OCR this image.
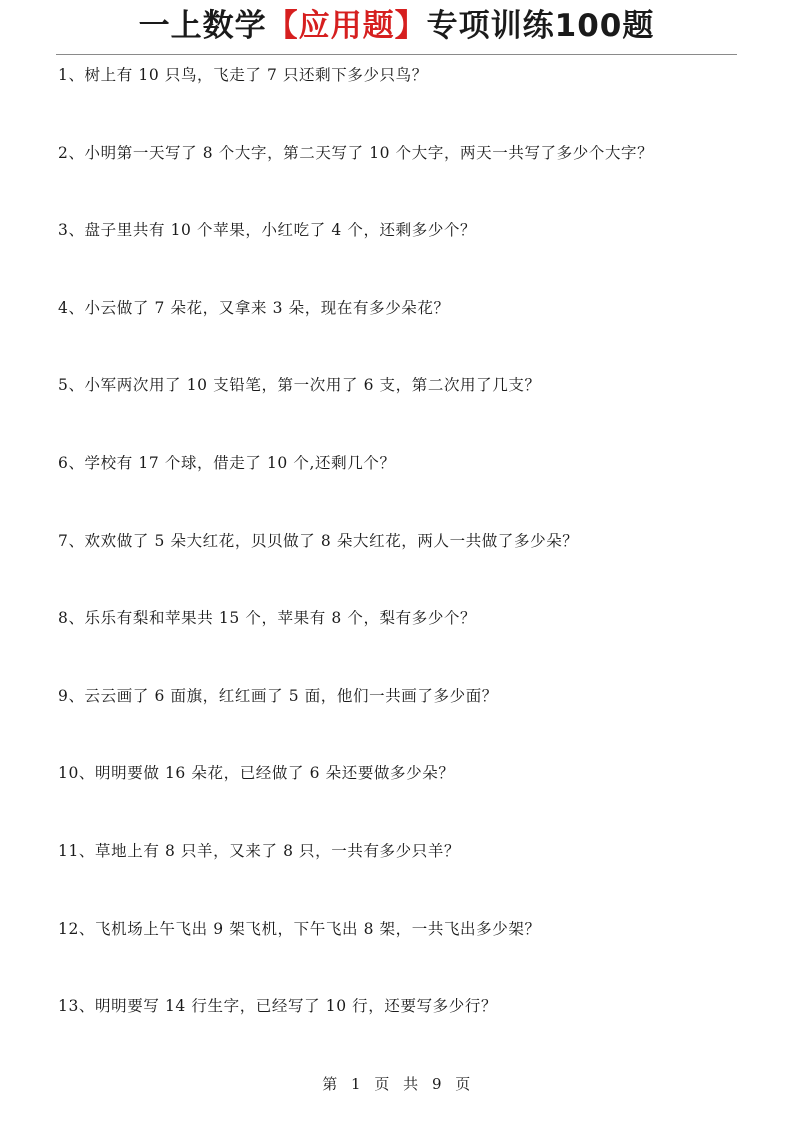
一上数学【应用题】专项训练100题
1、树上有 10 只鸟，飞走了 7 只还剩下多少只鸟？
2、小明第一天写了 8 个大字，第二天写了 10 个大字，两天一共写了多少个大字？
3、盘子里共有 10 个苹果，小红吃了 4 个，还剩多少个？
4、小云做了 7 朵花，又拿来 3 朵，现在有多少朵花？
5、小军两次用了 10 支铅笔，第一次用了 6 支，第二次用了几支？
6、学校有 17 个球，借走了 10 个,还剩几个？
7、欢欢做了 5 朵大红花，贝贝做了 8 朵大红花，两人一共做了多少朵？
8、乐乐有梨和苹果共 15 个，苹果有 8 个，梨有多少个？
9、云云画了 6 面旗，红红画了 5 面，他们一共画了多少面？
10、明明要做 16 朵花，已经做了 6 朵还要做多少朵？
11、草地上有 8 只羊，又来了 8 只，一共有多少只羊？
12、飞机场上午飞出 9 架飞机，下午飞出 8 架，一共飞出多少架？
13、明明要写 14 行生字，已经写了 10 行，还要写多少行？
第 1 页 共 9 页
